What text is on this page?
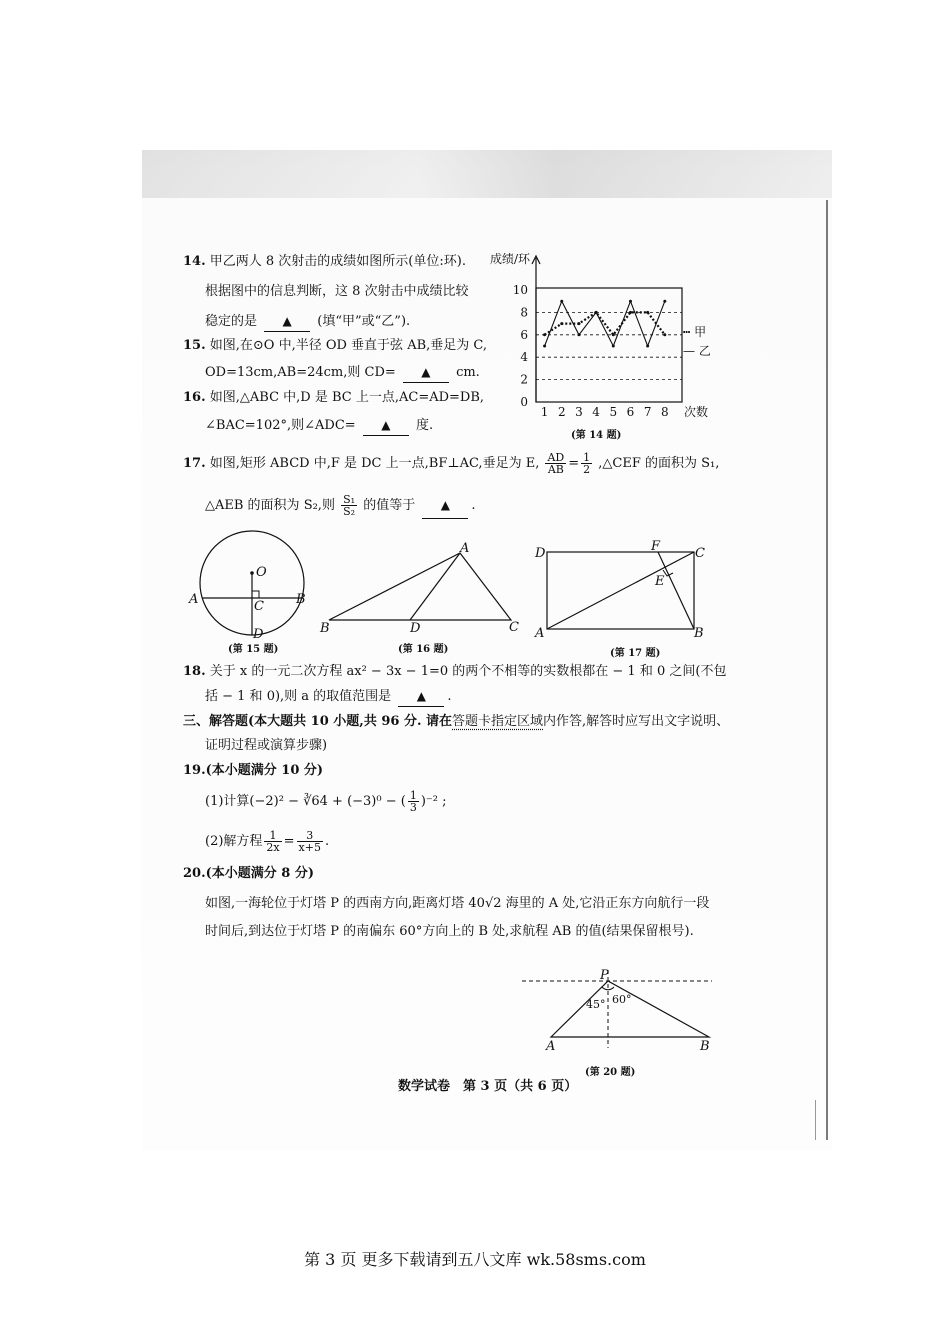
14. 甲乙两人 8 次射击的成绩如图所示(单位:环).
根据图中的信息判断，这 8 次射击中成绩比较
稳定的是 ▲ (填“甲”或“乙”).
15. 如图,在⊙O 中,半径 OD 垂直于弦 AB,垂足为 C,
OD=13cm,AB=24cm,则 CD= ▲ cm.
16. 如图,△ABC 中,D 是 BC 上一点,AC=AD=DB,
∠BAC=102°,则∠ADC= ▲ 度.
0
2
4
6
8
10
1 2 3 4 5 6 7 8
成绩/环
次数
(第 14 题)
┅ 甲
— 乙
17. 如图,矩形 ABCD 中,F 是 DC 上一点,BF⊥AC,垂足为 E, $\frac{AD}{AB} = \frac{1}{2}$ ,△CEF 的面积为 S₁,
△AEB 的面积为 S₂,则 $\frac{\text{S₁}}{\text{S₂}}$ 的值等于 ▲ .
O
A	B
C
D
(第 15 题)
A
B	D	C
(第 16 题)
D	F	C
E
A	B
(第 17 题)
18. 关于 x 的一元二次方程 ax² − 3x − 1=0 的两个不相等的实数根都在 − 1 和 0 之间(不包
括 − 1 和 0),则 a 的取值范围是 ▲ .
三、解答题(本大题共 10 小题,共 96 分. 请在答题卡指定区域内作答,解答时应写出文字说明、
证明过程或演算步骤)
19.(本小题满分 10 分)
(1)计算(−2)² − ∛64 + (−3)⁰ − ( $\frac{1}{3} )^{-2}$ ;
(2)解方程 $\frac{1}{2x} = \frac{3}{x+5}$ .
20.(本小题满分 8 分)
如图,一海轮位于灯塔 P 的西南方向,距离灯塔 40√2 海里的 A 处,它沿正东方向航行一段
时间后,到达位于灯塔 P 的南偏东 60°方向上的 B 处,求航程 AB 的值(结果保留根号).
P
A	B
45° 60°
(第 20 题)
数学试卷　第 3 页（共 6 页）
第 3 页 更多下载请到五八文库 wk.58sms.com
